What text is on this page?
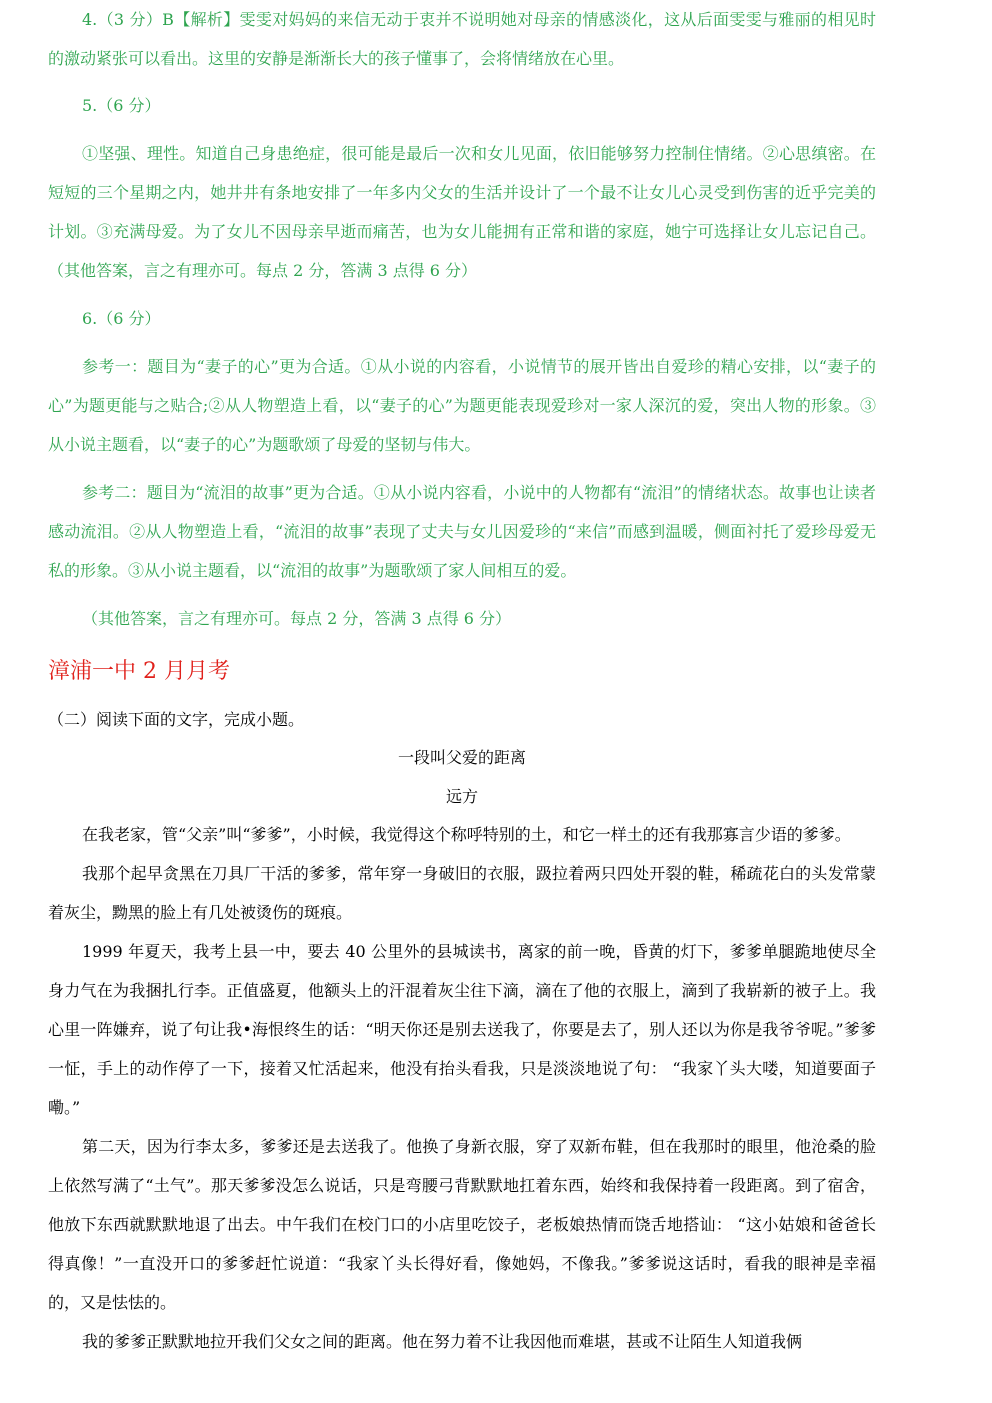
4.（3 分）B【解析】雯雯对妈妈的来信无动于衷并不说明她对母亲的情感淡化，这从后面雯雯与雅丽的相见时的激动紧张可以看出。这里的安静是渐渐长大的孩子懂事了，会将情绪放在心里。

5.（6 分）

①坚强、理性。知道自己身患绝症，很可能是最后一次和女儿见面，依旧能够努力控制住情绪。②心思缜密。在短短的三个星期之内，她井井有条地安排了一年多内父女的生活并设计了一个最不让女儿心灵受到伤害的近乎完美的计划。③充满母爱。为了女儿不因母亲早逝而痛苦，也为女儿能拥有正常和谐的家庭，她宁可选择让女儿忘记自己。（其他答案，言之有理亦可。每点 2 分，答满 3 点得 6 分）

6.（6 分）

参考一：题目为“妻子的心”更为合适。①从小说的内容看，小说情节的展开皆出自爱珍的精心安排，以“妻子的心”为题更能与之贴合;②从人物塑造上看，以“妻子的心”为题更能表现爱珍对一家人深沉的爱，突出人物的形象。③从小说主题看，以“妻子的心”为题歌颂了母爱的坚韧与伟大。

参考二：题目为“流泪的故事”更为合适。①从小说内容看，小说中的人物都有“流泪”的情绪状态。故事也让读者感动流泪。②从人物塑造上看，“流泪的故事”表现了丈夫与女儿因爱珍的“来信”而感到温暖，侧面衬托了爱珍母爱无私的形象。③从小说主题看，以“流泪的故事”为题歌颂了家人间相互的爱。

（其他答案，言之有理亦可。每点 2 分，答满 3 点得 6 分）

漳浦一中 2 月月考

（二）阅读下面的文字，完成小题。

一段叫父爱的距离

远方

在我老家，管“父亲”叫“爹爹”，小时候，我觉得这个称呼特别的土，和它一样土的还有我那寡言少语的爹爹。

我那个起早贪黑在刀具厂干活的爹爹，常年穿一身破旧的衣服，趿拉着两只四处开裂的鞋，稀疏花白的头发常蒙着灰尘，黝黑的脸上有几处被烫伤的斑痕。

1999 年夏天，我考上县一中，要去 40 公里外的县城读书，离家的前一晚，昏黄的灯下，爹爹单腿跪地使尽全身力气在为我捆扎行李。正值盛夏，他额头上的汗混着灰尘往下滴，滴在了他的衣服上，滴到了我崭新的被子上。我心里一阵嫌弃，说了句让我•海恨终生的话：“明天你还是别去送我了，你要是去了，别人还以为你是我爷爷呢。”爹爹一怔，手上的动作停了一下，接着又忙活起来，他没有抬头看我，只是淡淡地说了句： “我家丫头大喽，知道要面子嘞。”

第二天，因为行李太多，爹爹还是去送我了。他换了身新衣服，穿了双新布鞋，但在我那时的眼里，他沧桑的脸上依然写满了“土气”。那天爹爹没怎么说话，只是弯腰弓背默默地扛着东西，始终和我保持着一段距离。到了宿舍，他放下东西就默默地退了出去。中午我们在校门口的小店里吃饺子，老板娘热情而饶舌地搭讪： “这小姑娘和爸爸长得真像！”一直没开口的爹爹赶忙说道：“我家丫头长得好看，像她妈，不像我。”爹爹说这话时，看我的眼神是幸福的，又是怯怯的。

我的爹爹正默默地拉开我们父女之间的距离。他在努力着不让我因他而难堪，甚或不让陌生人知道我俩
